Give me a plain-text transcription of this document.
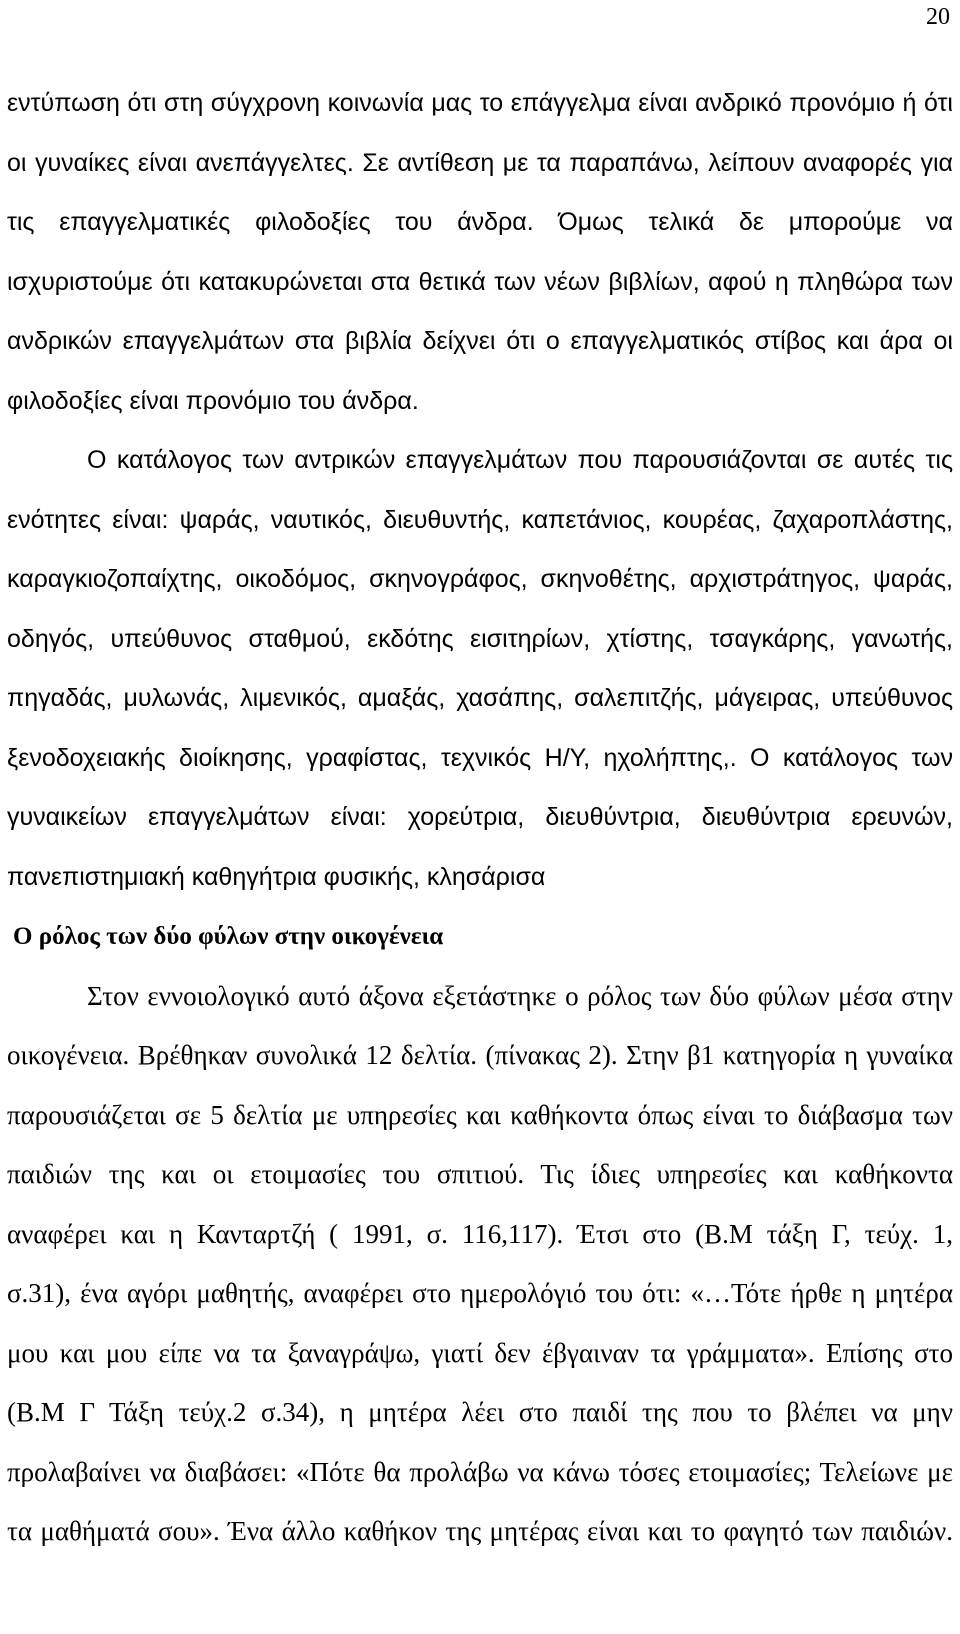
20
εντύπωση ότι στη σύγχρονη κοινωνία μας το επάγγελμα είναι ανδρικό προνόμιο ή ότι
οι γυναίκες είναι ανεπάγγελτες. Σε αντίθεση με τα παραπάνω, λείπουν αναφορές για
τις επαγγελματικές φιλοδοξίες του άνδρα. Όμως τελικά δε μπορούμε να
ισχυριστούμε ότι κατακυρώνεται στα θετικά των νέων βιβλίων, αφού η πληθώρα των
ανδρικών επαγγελμάτων στα βιβλία δείχνει ότι ο επαγγελματικός στίβος και άρα οι
φιλοδοξίες είναι προνόμιο του άνδρα.
Ο κατάλογος των αντρικών επαγγελμάτων που παρουσιάζονται σε αυτές τις
ενότητες είναι: ψαράς, ναυτικός, διευθυντής, καπετάνιος, κουρέας, ζαχαροπλάστης,
καραγκιοζοπαίχτης, οικοδόμος, σκηνογράφος, σκηνοθέτης, αρχιστράτηγος, ψαράς,
οδηγός, υπεύθυνος σταθμού, εκδότης εισιτηρίων, χτίστης, τσαγκάρης, γανωτής,
πηγαδάς, μυλωνάς, λιμενικός, αμαξάς, χασάπης, σαλεπιτζής, μάγειρας, υπεύθυνος
ξενοδοχειακής διοίκησης, γραφίστας, τεχνικός Η/Υ, ηχολήπτης,. Ο κατάλογος των
γυναικείων επαγγελμάτων είναι: χορεύτρια, διευθύντρια, διευθύντρια ερευνών,
πανεπιστημιακή καθηγήτρια φυσικής, κλησάρισα
Ο ρόλος των δύο φύλων στην οικογένεια
Στον εννοιολογικό αυτό άξονα εξετάστηκε ο ρόλος των δύο φύλων μέσα στην
οικογένεια. Βρέθηκαν συνολικά 12 δελτία. (πίνακας 2). Στην β1 κατηγορία η γυναίκα
παρουσιάζεται σε 5 δελτία με υπηρεσίες και καθήκοντα όπως είναι το διάβασμα των
παιδιών της και οι ετοιμασίες του σπιτιού. Τις ίδιες υπηρεσίες και καθήκοντα
αναφέρει και η Κανταρτζή ( 1991, σ. 116,117). Έτσι στο (Β.Μ τάξη Γ, τεύχ. 1,
σ.31), ένα αγόρι μαθητής, αναφέρει στο ημερολόγιό του ότι: «…Τότε ήρθε η μητέρα
μου και μου είπε να τα ξαναγράψω, γιατί δεν έβγαιναν τα γράμματα». Επίσης στο
(Β.Μ Γ Τάξη τεύχ.2 σ.34), η μητέρα λέει στο παιδί της που το βλέπει να μην
προλαβαίνει να διαβάσει: «Πότε θα προλάβω να κάνω τόσες ετοιμασίες; Τελείωνε με
τα μαθήματά σου». Ένα άλλο καθήκον της μητέρας είναι και το φαγητό των παιδιών.
